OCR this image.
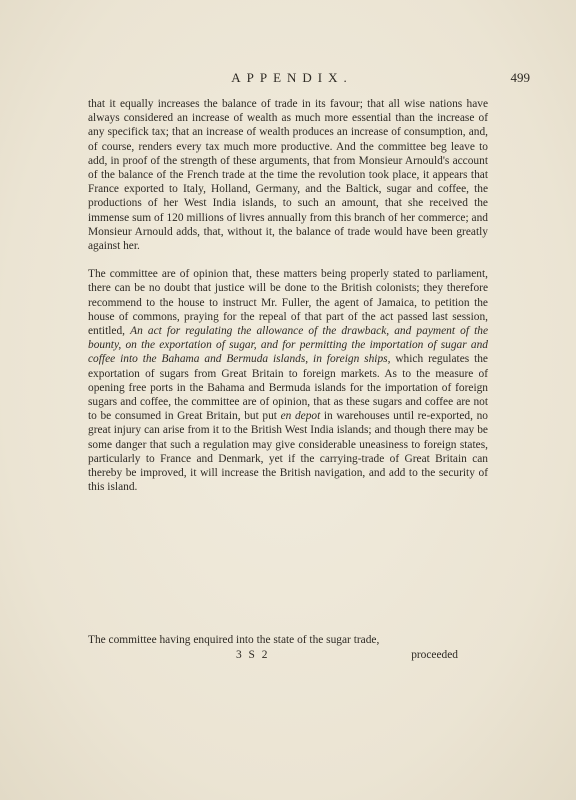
APPENDIX.	499

that it equally increases the balance of trade in its favour; that all wise nations have always considered an increase of wealth as much more essential than the increase of any specifick tax; that an increase of wealth produces an increase of consumption, and, of course, renders every tax much more productive. And the committee beg leave to add, in proof of the strength of these arguments, that from Monsieur Arnould's account of the balance of the French trade at the time the revolution took place, it appears that France exported to Italy, Holland, Germany, and the Baltick, sugar and coffee, the productions of her West India islands, to such an amount, that she received the immense sum of 120 millions of livres annually from this branch of her commerce; and Monsieur Arnould adds, that, without it, the balance of trade would have been greatly against her.

The committee are of opinion that, these matters being properly stated to parliament, there can be no doubt that justice will be done to the British colonists; they therefore recommend to the house to instruct Mr. Fuller, the agent of Jamaica, to petition the house of commons, praying for the repeal of that part of the act passed last session, entitled, An act for regulating the allowance of the drawback, and payment of the bounty, on the exportation of sugar, and for permitting the importation of sugar and coffee into the Bahama and Bermuda islands, in foreign ships, which regulates the exportation of sugars from Great Britain to foreign markets. As to the measure of opening free ports in the Bahama and Bermuda islands for the importation of foreign sugars and coffee, the committee are of opinion, that as these sugars and coffee are not to be consumed in Great Britain, but put en depot in warehouses until re-exported, no great injury can arise from it to the British West India islands; and though there may be some danger that such a regulation may give considerable uneasiness to foreign states, particularly to France and Denmark, yet if the carrying-trade of Great Britain can thereby be improved, it will increase the British navigation, and add to the security of this island.

The committee having enquired into the state of the sugar trade,
3 S 2	proceeded
